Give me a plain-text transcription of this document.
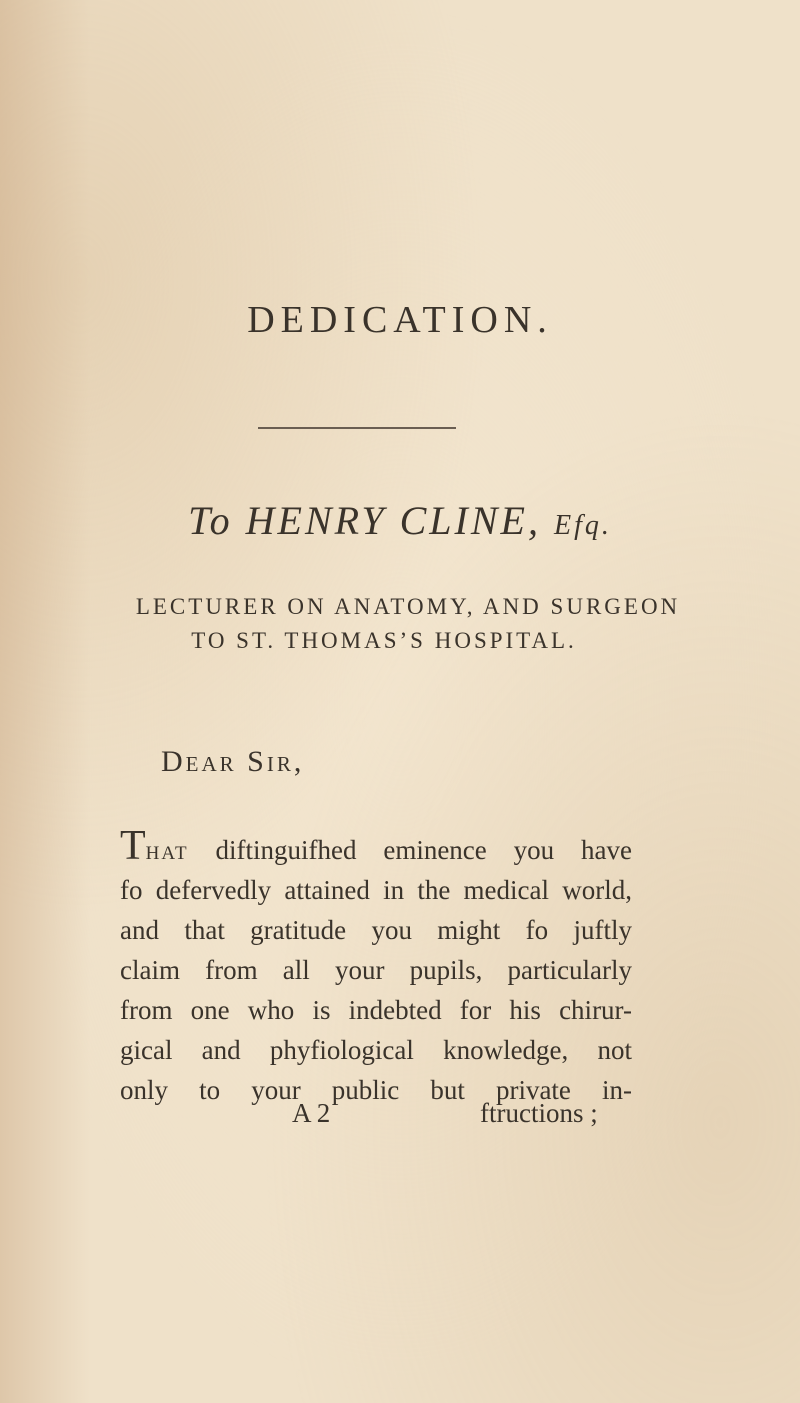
DEDICATION.
To HENRY CLINE, Efq.
LECTURER ON ANATOMY, AND SURGEON
TO ST. THOMAS’S HOSPITAL.
Dear Sir,
That diftinguifhed eminence you have
fo defervedly attained in the medical world,
and that gratitude you might fo juftly
claim from all your pupils, particularly
from one who is indebted for his chirur-
gical and phyfiological knowledge, not
only to your public but private in-
A 2	ftructions ;
